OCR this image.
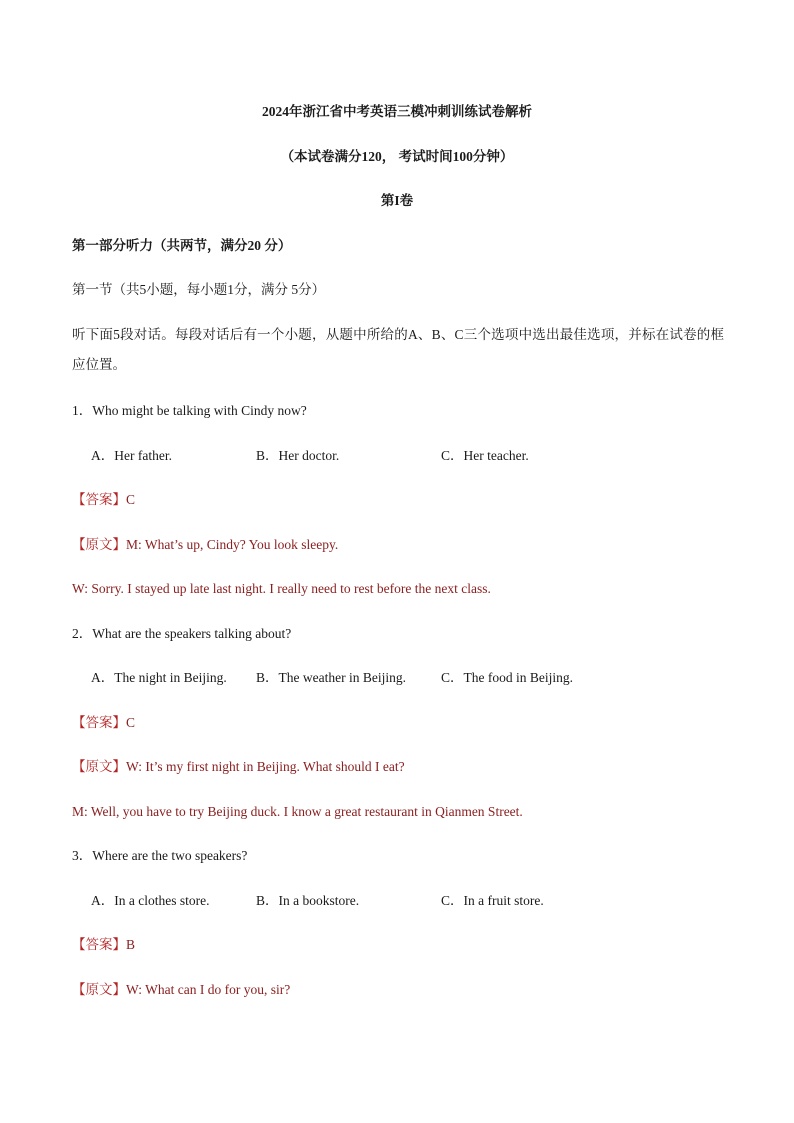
2024年浙江省中考英语三模冲刺训练试卷解析
（本试卷满分120， 考试时间100分钟）
第I卷
第一部分听力（共两节，满分20 分）
第一节（共5小题，每小题1分，满分 5分）
听下面5段对话。每段对话后有一个小题，从题中所给的A、B、C三个选项中选出最佳选项，并标在试卷的框应位置。
1．Who might be talking with Cindy now?
A．Her father.	B．Her doctor.	C．Her teacher.
【答案】C
【原文】M: What’s up, Cindy? You look sleepy.
W: Sorry. I stayed up late last night. I really need to rest before the next class.
2．What are the speakers talking about?
A．The night in Beijing. B．The weather in Beijing.	C．The food in Beijing.
【答案】C
【原文】W: It’s my first night in Beijing. What should I eat?
M: Well, you have to try Beijing duck. I know a great restaurant in Qianmen Street.
3．Where are the two speakers?
A．In a clothes store.	B．In a bookstore.	C．In a fruit store.
【答案】B
【原文】W: What can I do for you, sir?
